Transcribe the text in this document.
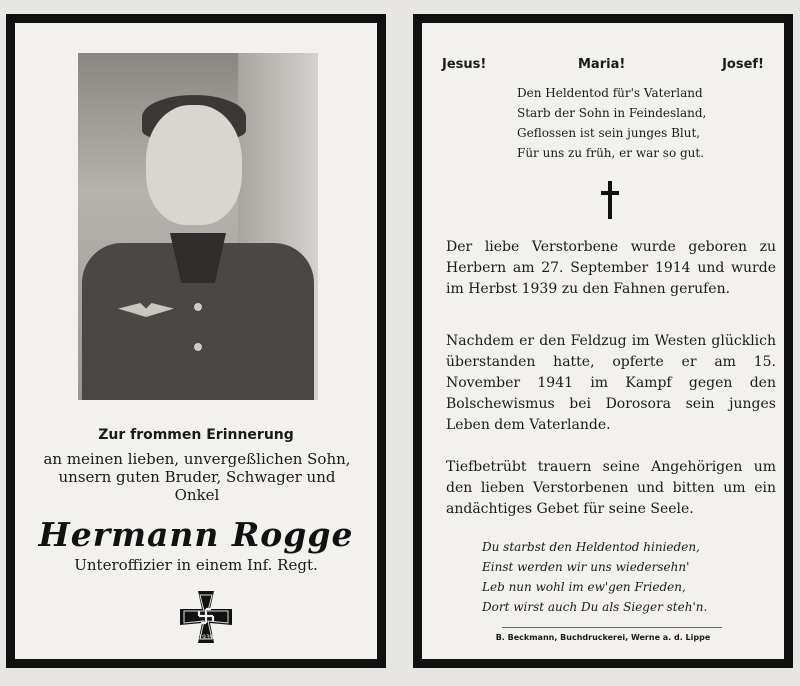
Zur frommen Erinnerung
an meinen lieben, unvergeßlichen Sohn,
unsern guten Bruder, Schwager und
Onkel
Hermann Rogge
Unteroffizier in einem Inf. Regt.
1939
Jesus!	Maria!	Josef!
Den Heldentod für's Vaterland
Starb der Sohn in Feindesland,
Geflossen ist sein junges Blut,
Für uns zu früh, er war so gut.
Der liebe Verstorbene wurde geboren zu Herbern am 27. September 1914 und wurde im Herbst 1939 zu den Fahnen gerufen.
Nachdem er den Feldzug im Westen glücklich überstanden hatte, opferte er am 15. November 1941 im Kampf gegen den Bolschewismus bei Dorosora sein junges Leben dem Vaterlande.
Tiefbetrübt trauern seine Angehörigen um den lieben Verstorbenen und bitten um ein andächtiges Gebet für seine Seele.
Du starbst den Heldentod hinieden,
Einst werden wir uns wiedersehn'
Leb nun wohl im ew'gen Frieden,
Dort wirst auch Du als Sieger steh'n.
B. Beckmann, Buchdruckerei, Werne a. d. Lippe
